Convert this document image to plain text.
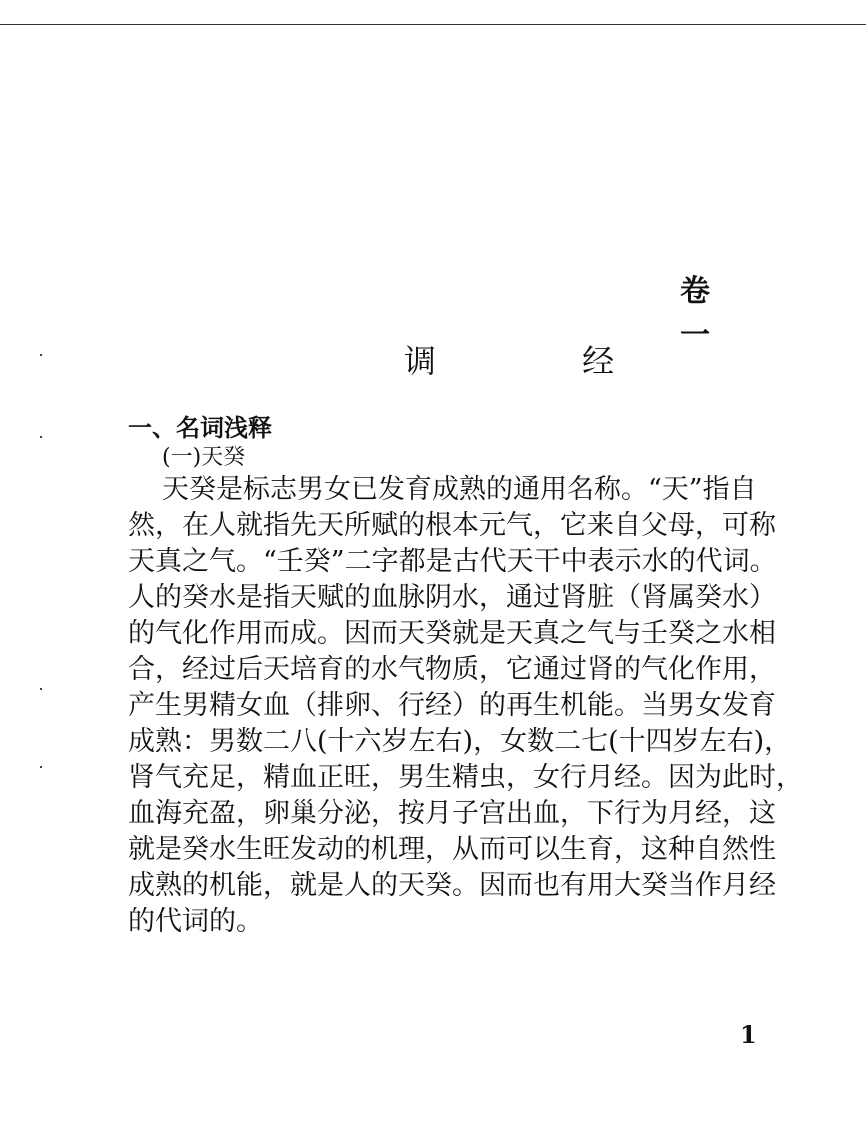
卷 一
调 经
一、名词浅释
(一)天癸
天癸是标志男女已发育成熟的通用名称。“天”指自
然，在人就指先天所赋的根本元气，它来自父母，可称
天真之气。“壬癸”二字都是古代天干中表示水的代词。
人的癸水是指天赋的血脉阴水，通过肾脏（肾属癸水）
的气化作用而成。因而天癸就是天真之气与壬癸之水相
合，经过后天培育的水气物质，它通过肾的气化作用，
产生男精女血（排卵、行经）的再生机能。当男女发育
成熟：男数二八(十六岁左右)，女数二七(十四岁左右)，
肾气充足，精血正旺，男生精虫，女行月经。因为此时，
血海充盈，卵巢分泌，按月子宫出血，下行为月经，这
就是癸水生旺发动的机理，从而可以生育，这种自然性
成熟的机能，就是人的天癸。因而也有用大癸当作月经
的代词的。
1
